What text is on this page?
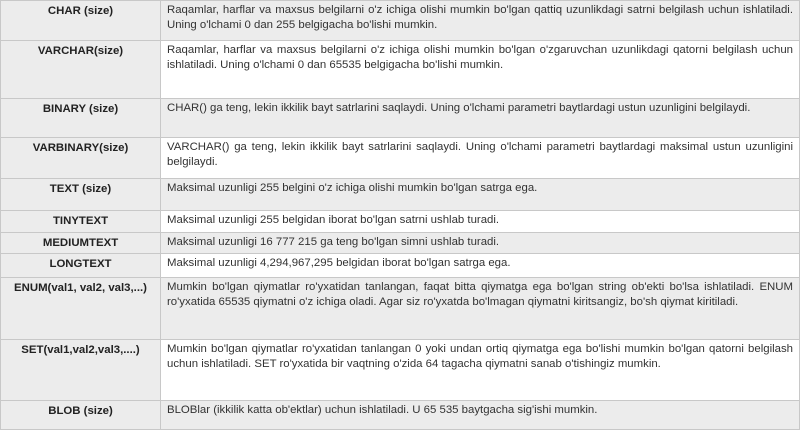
CHAR (size)	Raqamlar, harflar va maxsus belgilarni o'z ichiga olishi mumkin bo'lgan qattiq uzunlikdagi satrni belgilash uchun ishlatiladi. Uning o'lchami 0 dan 255 belgigacha bo'lishi mumkin.

VARCHAR(size)	Raqamlar, harflar va maxsus belgilarni o'z ichiga olishi mumkin bo'lgan o'zgaruvchan uzunlikdagi qatorni belgilash uchun ishlatiladi. Uning o'lchami 0 dan 65535 belgigacha bo'lishi mumkin.

BINARY (size)	CHAR() ga teng, lekin ikkilik bayt satrlarini saqlaydi. Uning o'lchami parametri baytlardagi ustun uzunligini belgilaydi.

VARBINARY(size)	VARCHAR() ga teng, lekin ikkilik bayt satrlarini saqlaydi. Uning o'lchami parametri baytlardagi maksimal ustun uzunligini belgilaydi.

TEXT (size)	Maksimal uzunligi 255 belgini o'z ichiga olishi mumkin bo'lgan satrga ega.

TINYTEXT	Maksimal uzunligi 255 belgidan iborat bo'lgan satrni ushlab turadi.

MEDIUMTEXT	Maksimal uzunligi 16 777 215 ga teng bo'lgan simni ushlab turadi.

LONGTEXT	Maksimal uzunligi 4,294,967,295 belgidan iborat bo'lgan satrga ega.

ENUM(val1, val2, val3,...)	Mumkin bo'lgan qiymatlar ro'yxatidan tanlangan, faqat bitta qiymatga ega bo'lgan string ob'ekti bo'lsa ishlatiladi. ENUM ro'yxatida 65535 qiymatni o'z ichiga oladi. Agar siz ro'yxatda bo'lmagan qiymatni kiritsangiz, bo'sh qiymat kiritiladi.

SET(val1,val2,val3,....)	Mumkin bo'lgan qiymatlar ro'yxatidan tanlangan 0 yoki undan ortiq qiymatga ega bo'lishi mumkin bo'lgan qatorni belgilash uchun ishlatiladi. SET ro'yxatida bir vaqtning o'zida 64 tagacha qiymatni sanab o'tishingiz mumkin.

BLOB (size)	BLOBlar (ikkilik katta ob'ektlar) uchun ishlatiladi. U 65 535 baytgacha sig'ishi mumkin.
